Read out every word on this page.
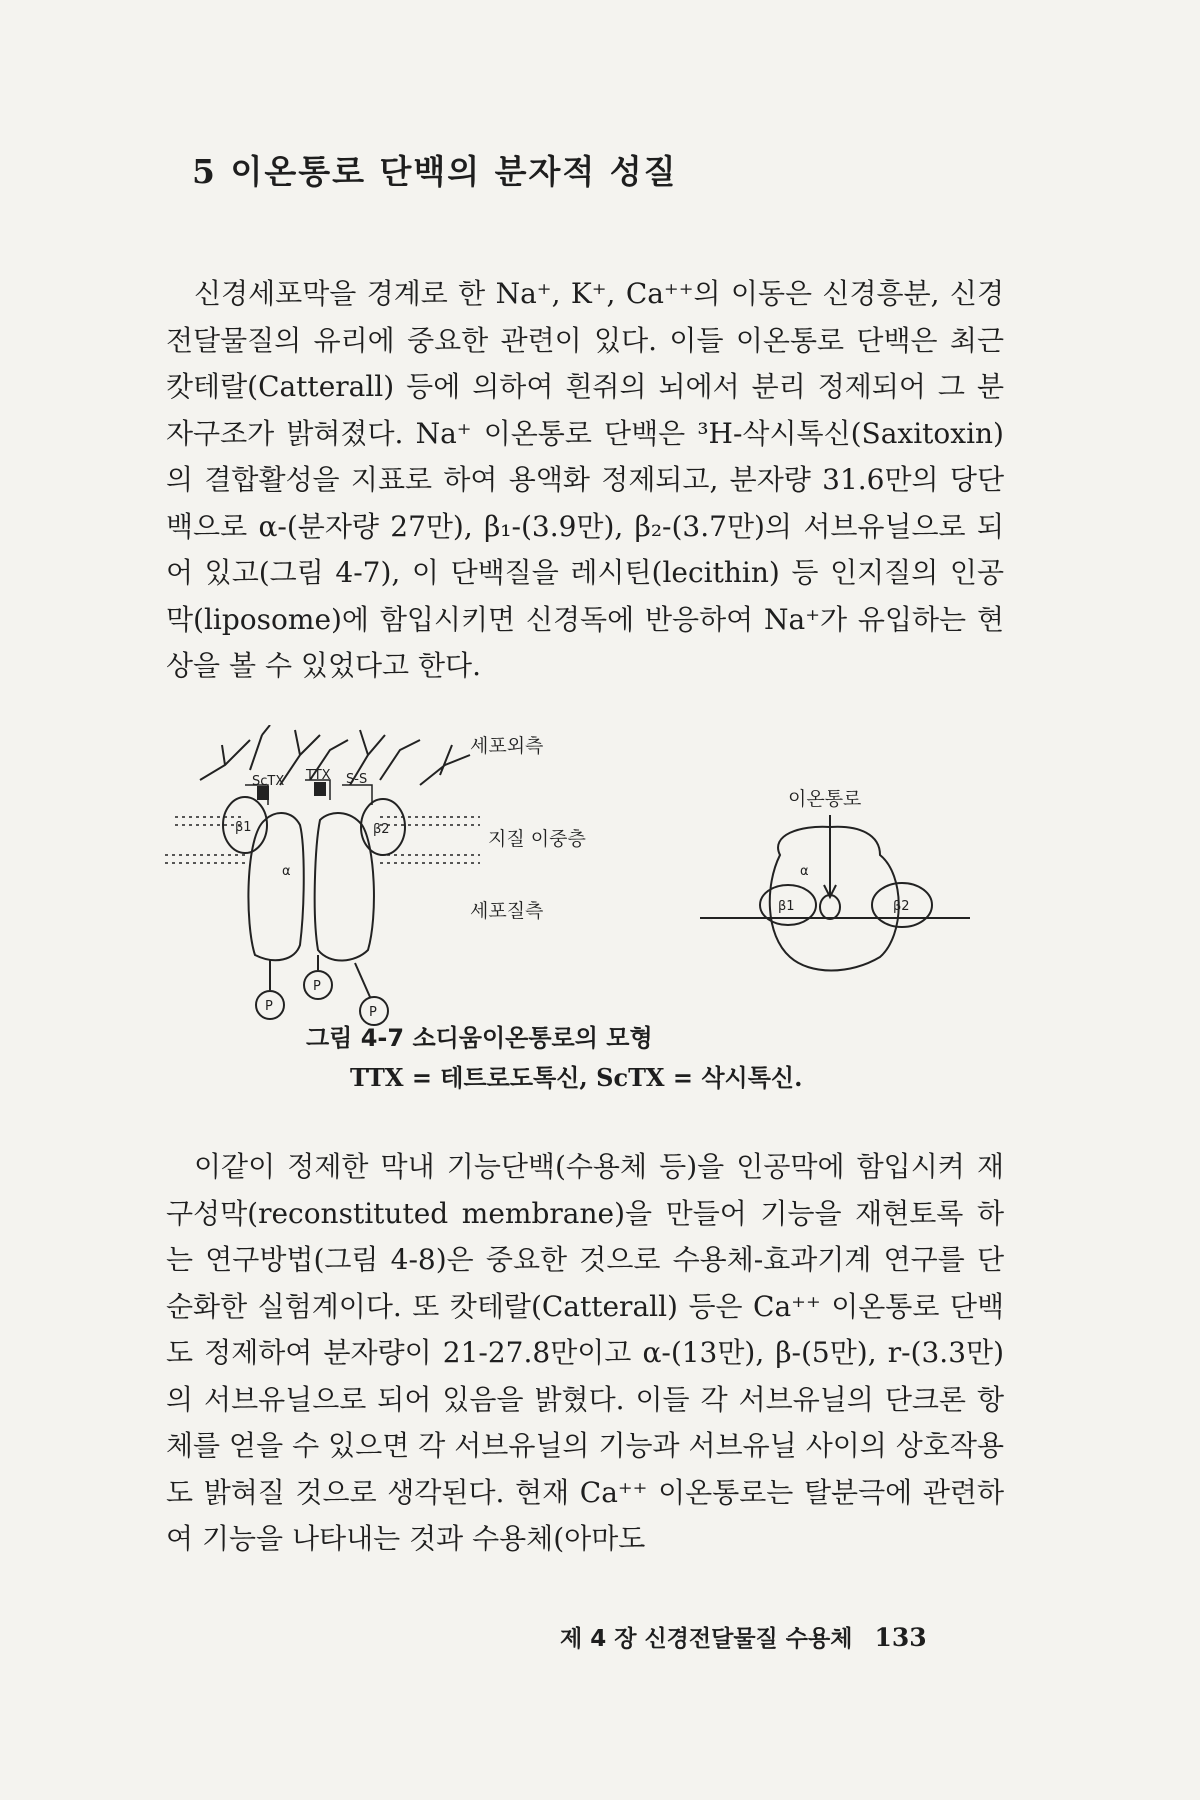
5 이온통로 단백의 분자적 성질

신경세포막을 경계로 한 Na⁺, K⁺, Ca⁺⁺의 이동은 신경흥분, 신경전달물질의 유리에 중요한 관련이 있다. 이들 이온통로 단백은 최근 캇테랄(Catterall) 등에 의하여 흰쥐의 뇌에서 분리 정제되어 그 분자구조가 밝혀졌다. Na⁺ 이온통로 단백은 ³H-삭시톡신(Saxitoxin)의 결합활성을 지표로 하여 용액화 정제되고, 분자량 31.6만의 당단백으로 α-(분자량 27만), β₁-(3.9만), β₂-(3.7만)의 서브유닐으로 되어 있고(그림 4-7), 이 단백질을 레시틴(lecithin) 등 인지질의 인공막(liposome)에 함입시키면 신경독에 반응하여 Na⁺가 유입하는 현상을 볼 수 있었다고 한다.

ScTX TTX S-S
β1	β2
α
P
P
P
세포외측
지질 이중층
세포질측
이온통로
β1	β2
α
그림 4-7 소디움이온통로의 모형
TTX = 테트로도톡신, ScTX = 삭시톡신.

이같이 정제한 막내 기능단백(수용체 등)을 인공막에 함입시켜 재구성막(reconstituted membrane)을 만들어 기능을 재현토록 하는 연구방법(그림 4-8)은 중요한 것으로 수용체-효과기계 연구를 단순화한 실험계이다. 또 캇테랄(Catterall) 등은 Ca⁺⁺ 이온통로 단백도 정제하여 분자량이 21-27.8만이고 α-(13만), β-(5만), r-(3.3만)의 서브유닐으로 되어 있음을 밝혔다. 이들 각 서브유닐의 단크론 항체를 얻을 수 있으면 각 서브유닐의 기능과 서브유닐 사이의 상호작용도 밝혀질 것으로 생각된다. 현재 Ca⁺⁺ 이온통로는 탈분극에 관련하여 기능을 나타내는 것과 수용체(아마도

제 4 장 신경전달물질 수용체 133
